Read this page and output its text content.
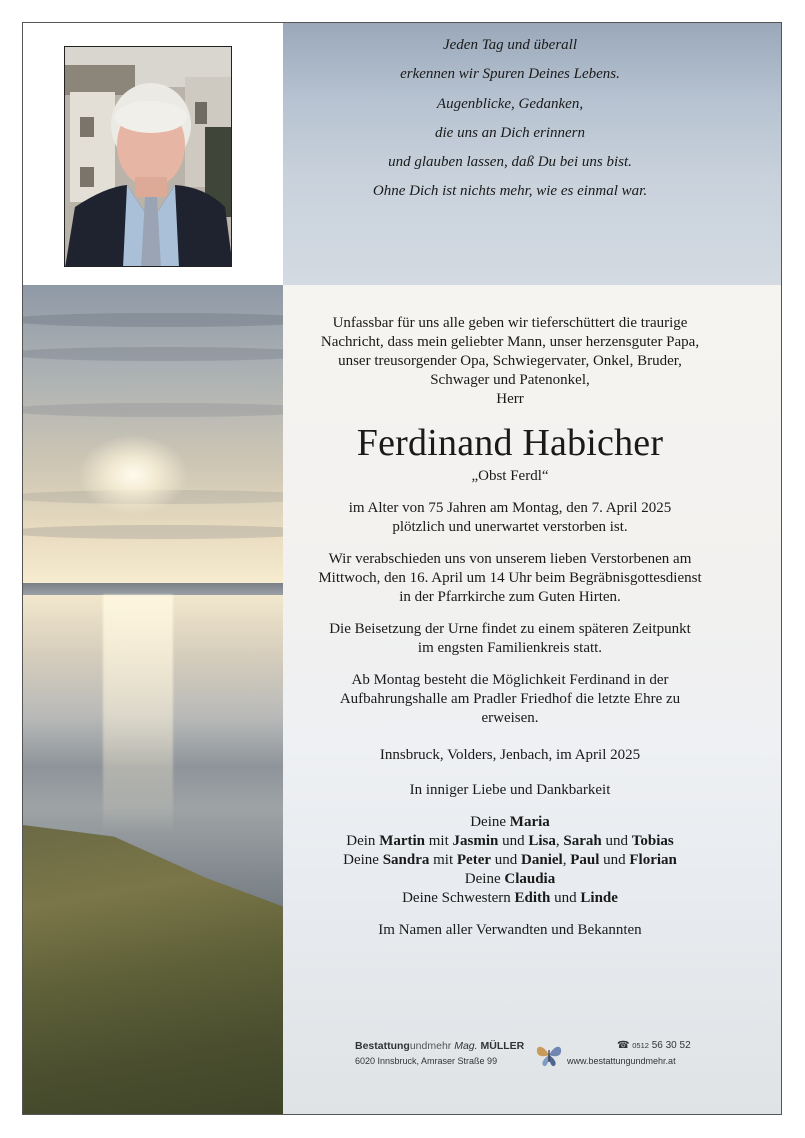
Jeden Tag und überall
erkennen wir Spuren Deines Lebens.
Augenblicke, Gedanken,
die uns an Dich erinnern
und glauben lassen, daß Du bei uns bist.
Ohne Dich ist nichts mehr, wie es einmal war.
Unfassbar für uns alle geben wir tieferschüttert die traurige
Nachricht, dass mein geliebter Mann, unser herzensguter Papa,
unser treusorgender Opa, Schwiegervater, Onkel, Bruder,
Schwager und Patenonkel,
Herr
Ferdinand Habicher
„Obst Ferdl“
im Alter von 75 Jahren am Montag, den 7. April 2025
plötzlich und unerwartet verstorben ist.
Wir verabschieden uns von unserem lieben Verstorbenen am
Mittwoch, den 16. April um 14 Uhr beim Begräbnisgottesdienst
in der Pfarrkirche zum Guten Hirten.
Die Beisetzung der Urne findet zu einem späteren Zeitpunkt
im engsten Familienkreis statt.
Ab Montag besteht die Möglichkeit Ferdinand in der
Aufbahrungshalle am Pradler Friedhof die letzte Ehre zu
erweisen.
Innsbruck, Volders, Jenbach, im April 2025
In inniger Liebe und Dankbarkeit
Deine Maria
Dein Martin mit Jasmin und Lisa, Sarah und Tobias
Deine Sandra mit Peter und Daniel, Paul und Florian
Deine Claudia
Deine Schwestern Edith und Linde
Im Namen aller Verwandten und Bekannten
Bestattungundmehr Mag. MÜLLER
6020 Innsbruck, Amraser Straße 99
☎ 0512 56 30 52
www.bestattungundmehr.at
